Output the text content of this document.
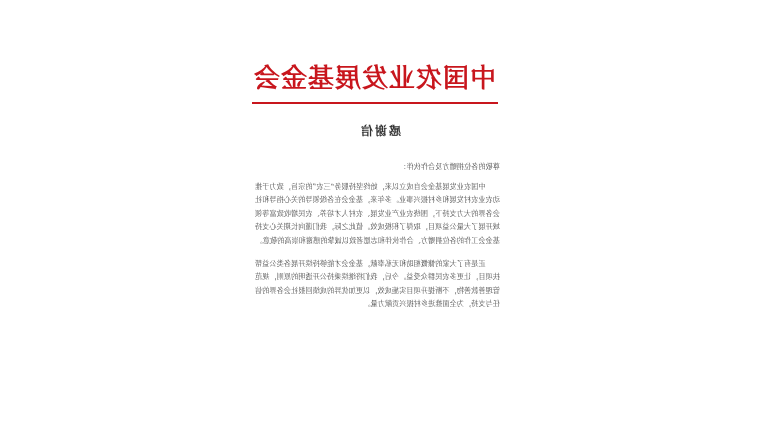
中国农业发展基金会
感谢信

尊敬的各位捐赠方及合作伙伴：

中国农业发展基金会自成立以来，始终坚持服务“三农”的宗旨，致力于推动农业农村发展和乡村振兴事业。多年来，基金会在各级领导的关心指导和社会各界的大力支持下，围绕农业产业发展、农村人才培养、农民增收致富等领域开展了大量公益项目，取得了积极成效。值此之际，我们谨向长期关心支持基金会工作的各位捐赠方、合作伙伴和志愿者致以诚挚的感谢和崇高的敬意。

正是有了大家的慷慨相助和无私奉献，基金会才能够持续开展各类公益帮扶项目，让更多农民群众受益。今后，我们将继续秉持公开透明的原则，规范管理善款善物，不断提升项目实施成效，以更加优异的成绩回报社会各界的信任与支持，为全面推进乡村振兴贡献力量。
